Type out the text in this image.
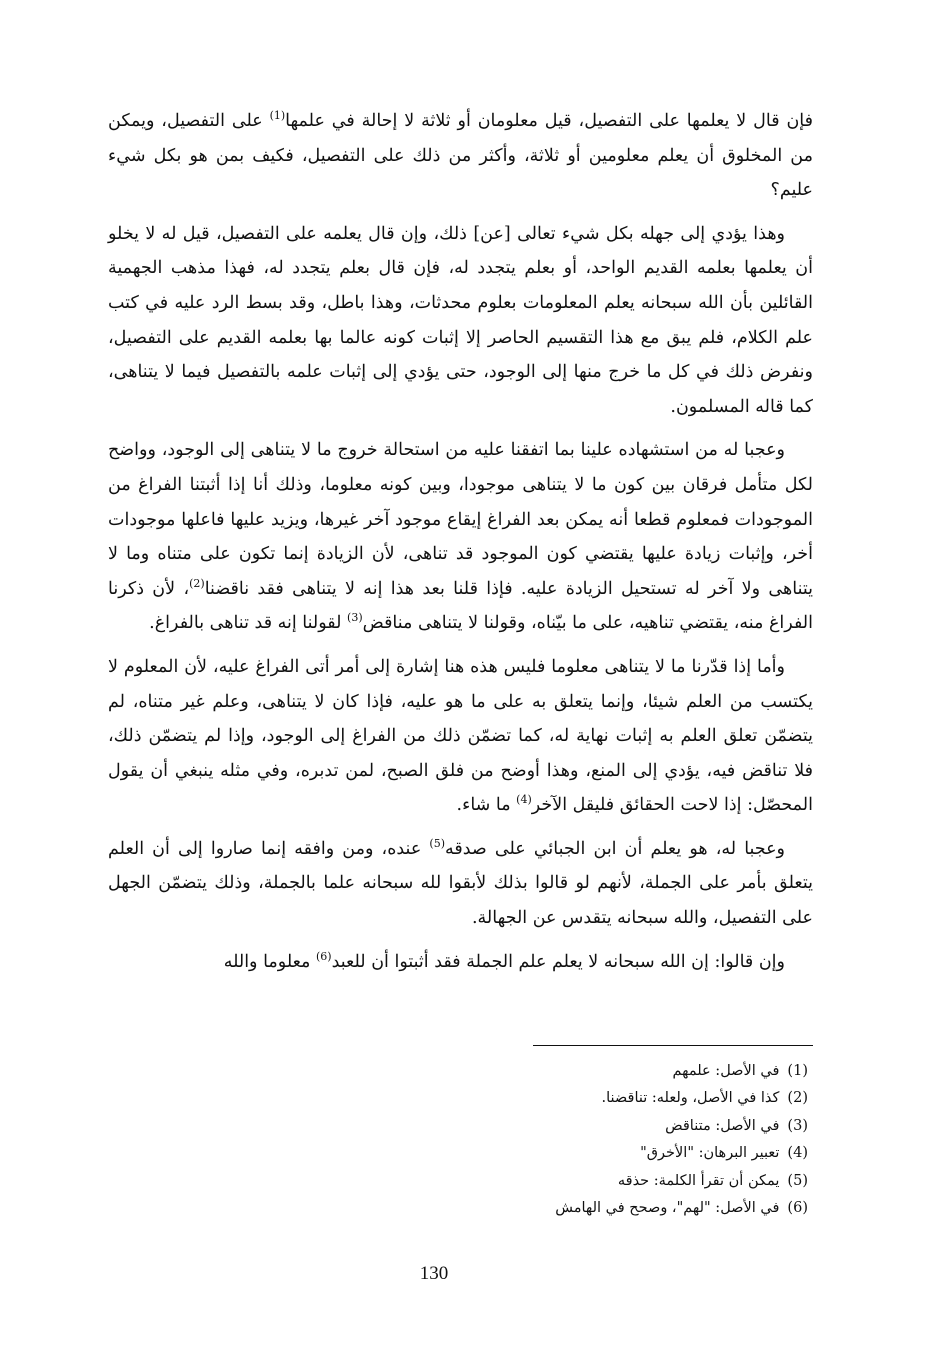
فإن قال لا يعلمها على التفصيل، قيل معلومان أو ثلاثة لا إحالة في علمها$^{(1)}$ على التفصيل، ويمكن من المخلوق أن يعلم معلومين أو ثلاثة، وأكثر من ذلك على التفصيل، فكيف بمن هو بكل شيء عليم؟

وهذا يؤدي إلى جهله بكل شيء تعالى [عن] ذلك، وإن قال يعلمه على التفصيل، قيل له لا يخلو أن يعلمها بعلمه القديم الواحد، أو بعلم يتجدد له، فإن قال بعلم يتجدد له، فهذا مذهب الجهمية القائلين بأن الله سبحانه يعلم المعلومات بعلوم محدثات، وهذا باطل، وقد بسط الرد عليه في كتب علم الكلام، فلم يبق مع هذا التقسيم الحاصر إلا إثبات كونه عالما بها بعلمه القديم على التفصيل، ونفرض ذلك في كل ما خرج منها إلى الوجود، حتى يؤدي إلى إثبات علمه بالتفصيل فيما لا يتناهى، كما قاله المسلمون.

وعجبا له من استشهاده علينا بما اتفقنا عليه من استحالة خروج ما لا يتناهى إلى الوجود، وواضح لكل متأمل فرقان بين كون ما لا يتناهى موجودا، وبين كونه معلوما، وذلك أنا إذا أثبتنا الفراغ من الموجودات فمعلوم قطعا أنه يمكن بعد الفراغ إيقاع موجود آخر غيرها، ويزيد عليها فاعلها موجودات أخر، وإثبات زيادة عليها يقتضي كون الموجود قد تناهى، لأن الزيادة إنما تكون على متناه وما لا يتناهى ولا آخر له تستحيل الزيادة عليه. فإذا قلنا بعد هذا إنه لا يتناهى فقد ناقضنا$^{(2)}$، لأن ذكرنا الفراغ منه، يقتضي تناهيه، على ما بيّناه، وقولنا لا يتناهى مناقض$^{(3)}$ لقولنا إنه قد تناهى بالفراغ.

وأما إذا قدّرنا ما لا يتناهى معلوما فليس هذه هنا إشارة إلى أمر أتى الفراغ عليه، لأن المعلوم لا يكتسب من العلم شيئا، وإنما يتعلق به على ما هو عليه، فإذا كان لا يتناهى، وعلم غير متناه، لم يتضمّن تعلق العلم به إثبات نهاية له، كما تضمّن ذلك من الفراغ إلى الوجود، وإذا لم يتضمّن ذلك، فلا تناقض فيه، يؤدي إلى المنع، وهذا أوضح من فلق الصبح، لمن تدبره، وفي مثله ينبغي أن يقول المحصّل: إذا لاحت الحقائق فليقل الآخر$^{(4)}$ ما شاء.

وعجبا له، هو يعلم أن ابن الجبائي على صدقه$^{(5)}$ عنده، ومن وافقه إنما صاروا إلى أن العلم يتعلق بأمر على الجملة، لأنهم لو قالوا بذلك لأبقوا لله سبحانه علما بالجملة، وذلك يتضمّن الجهل على التفصيل، والله سبحانه يتقدس عن الجهالة.

وإن قالوا: إن الله سبحانه لا يعلم علم الجملة فقد أثبتوا أن للعبد$^{(6)}$ معلوما والله

(1)في الأصل: علمهم
(2)كذا في الأصل، ولعله: تناقضنا.
(3)في الأصل: متناقض
(4)تعبير البرهان: "الأخرق"
(5)يمكن أن تقرأ الكلمة: حذقه
(6)في الأصل: "لهم"، وصحح في الهامش
130
